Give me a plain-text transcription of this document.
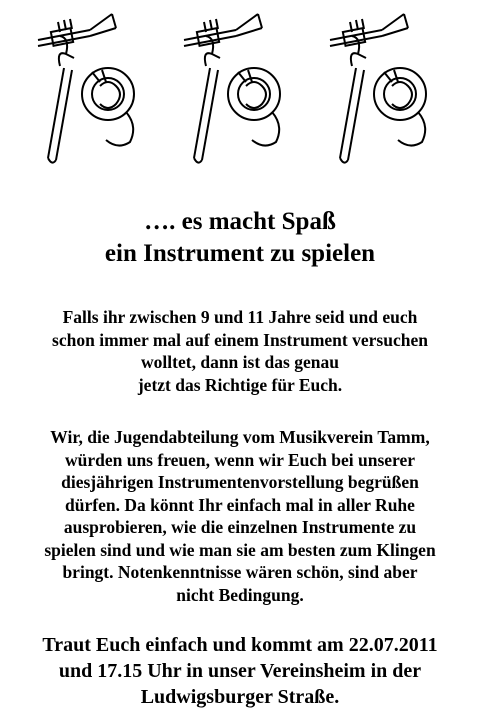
…. es macht Spaß
ein Instrument zu spielen
Falls ihr zwischen 9 und 11 Jahre seid und euch
schon immer mal auf einem Instrument versuchen
wolltet, dann ist das genau
jetzt das Richtige für Euch.
Wir, die Jugendabteilung vom Musikverein Tamm,
würden uns freuen, wenn wir Euch bei unserer
diesjährigen Instrumentenvorstellung begrüßen
dürfen. Da könnt Ihr einfach mal in aller Ruhe
ausprobieren, wie die einzelnen Instrumente zu
spielen sind und wie man sie am besten zum Klingen
bringt. Notenkenntnisse wären schön, sind aber
nicht Bedingung.
Traut Euch einfach und kommt am 22.07.2011
und 17.15 Uhr in unser Vereinsheim in der
Ludwigsburger Straße.
